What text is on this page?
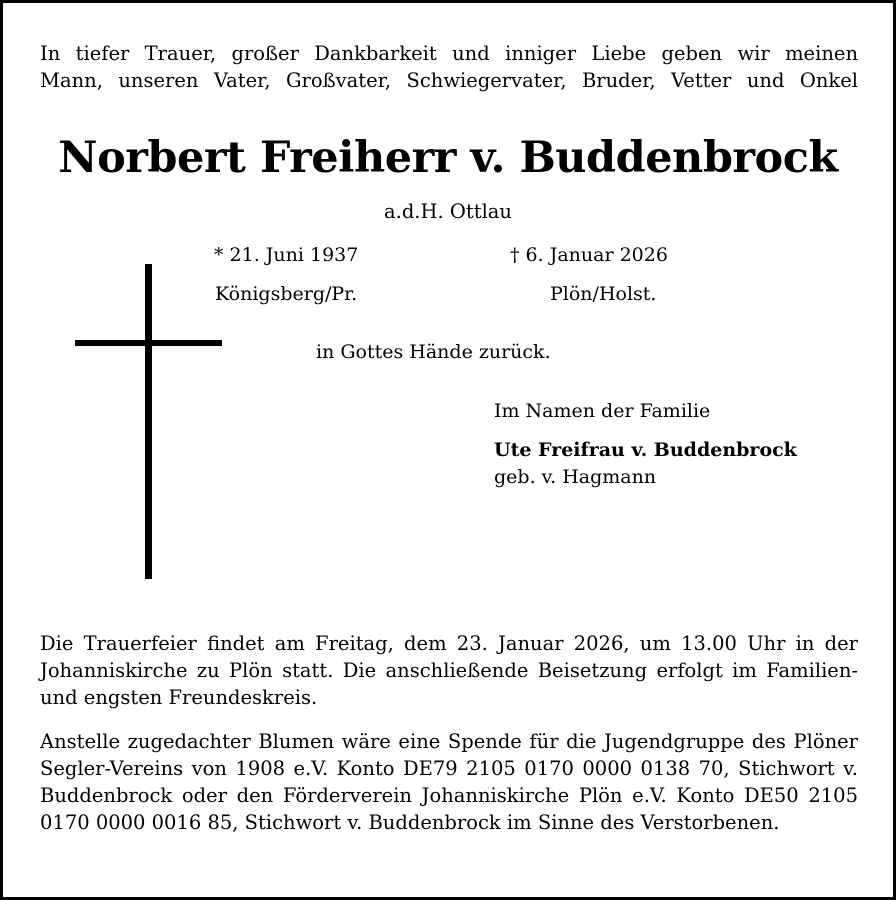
In tiefer Trauer, großer Dankbarkeit und inniger Liebe geben wir meinen
Mann, unseren Vater, Großvater, Schwiegervater, Bruder, Vetter und Onkel
Norbert Freiherr v. Buddenbrock
a.d.H. Ottlau
* 21. Juni 1937	† 6. Januar 2026
Königsberg/Pr.	Plön/Holst.
in Gottes Hände zurück.
Im Namen der Familie
Ute Freifrau v. Buddenbrock
geb. v. Hagmann
Die Trauerfeier findet am Freitag, dem 23. Januar 2026, um 13.00 Uhr in der Johanniskirche zu Plön statt. Die anschließende Beisetzung erfolgt im Familien- und engsten Freundeskreis.
Anstelle zugedachter Blumen wäre eine Spende für die Jugendgruppe des Plöner Segler-Vereins von 1908 e.V. Konto DE79 2105 0170 0000 0138 70, Stichwort v. Buddenbrock oder den Förderverein Johanniskirche Plön e.V. Konto DE50 2105 0170 0000 0016 85, Stichwort v. Buddenbrock im Sinne des Verstorbenen.
